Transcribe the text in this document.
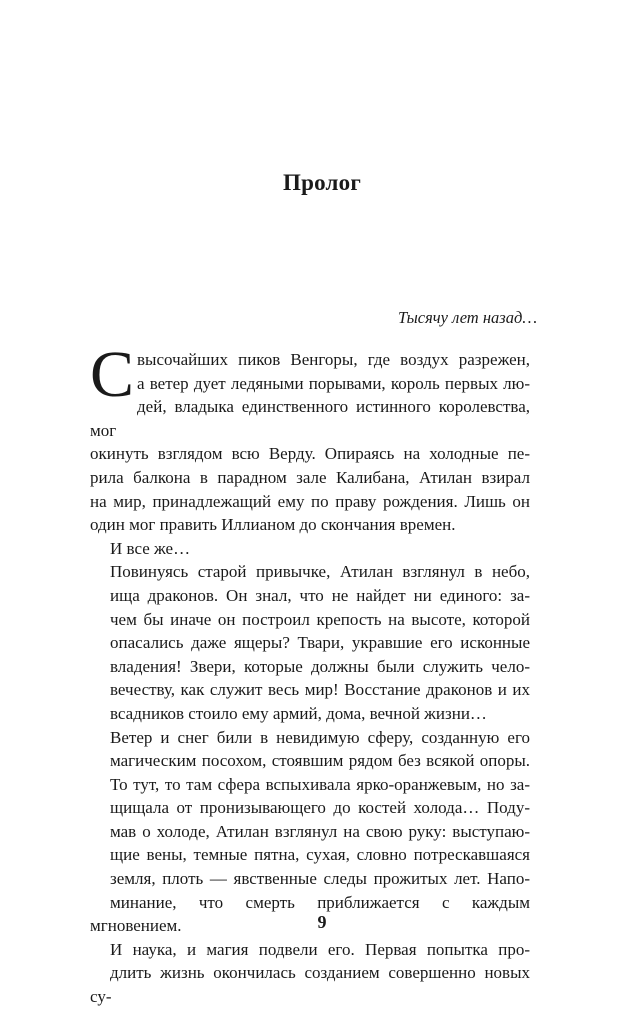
Пролог
Тысячу лет назад…

С высочайших пиков Венгоры, где воздух разрежен,
а ветер дует ледяными порывами, король первых лю-
дей, владыка единственного истинного королевства, мог
окинуть взглядом всю Верду. Опираясь на холодные пе-
рила балкона в парадном зале Калибана, Атилан взирал
на мир, принадлежащий ему по праву рождения. Лишь он
один мог править Иллианом до скончания времен.

И все же…

Повинуясь старой привычке, Атилан взглянул в небо,
ища драконов. Он знал, что не найдет ни единого: за-
чем бы иначе он построил крепость на высоте, которой
опасались даже ящеры? Твари, укравшие его исконные
владения! Звери, которые должны были служить чело-
вечеству, как служит весь мир! Восстание драконов и их
всадников стоило ему армий, дома, вечной жизни…

Ветер и снег били в невидимую сферу, созданную его
магическим посохом, стоявшим рядом без всякой опоры.
То тут, то там сфера вспыхивала ярко-оранжевым, но за-
щищала от пронизывающего до костей холода… Поду-
мав о холоде, Атилан взглянул на свою руку: выступаю-
щие вены, темные пятна, сухая, словно потрескавшаяся
земля, плоть — явственные следы прожитых лет. Напо-
минание, что смерть приближается с каждым мгновением.

И наука, и магия подвели его. Первая попытка про-
длить жизнь окончилась созданием совершенно новых су-

9
